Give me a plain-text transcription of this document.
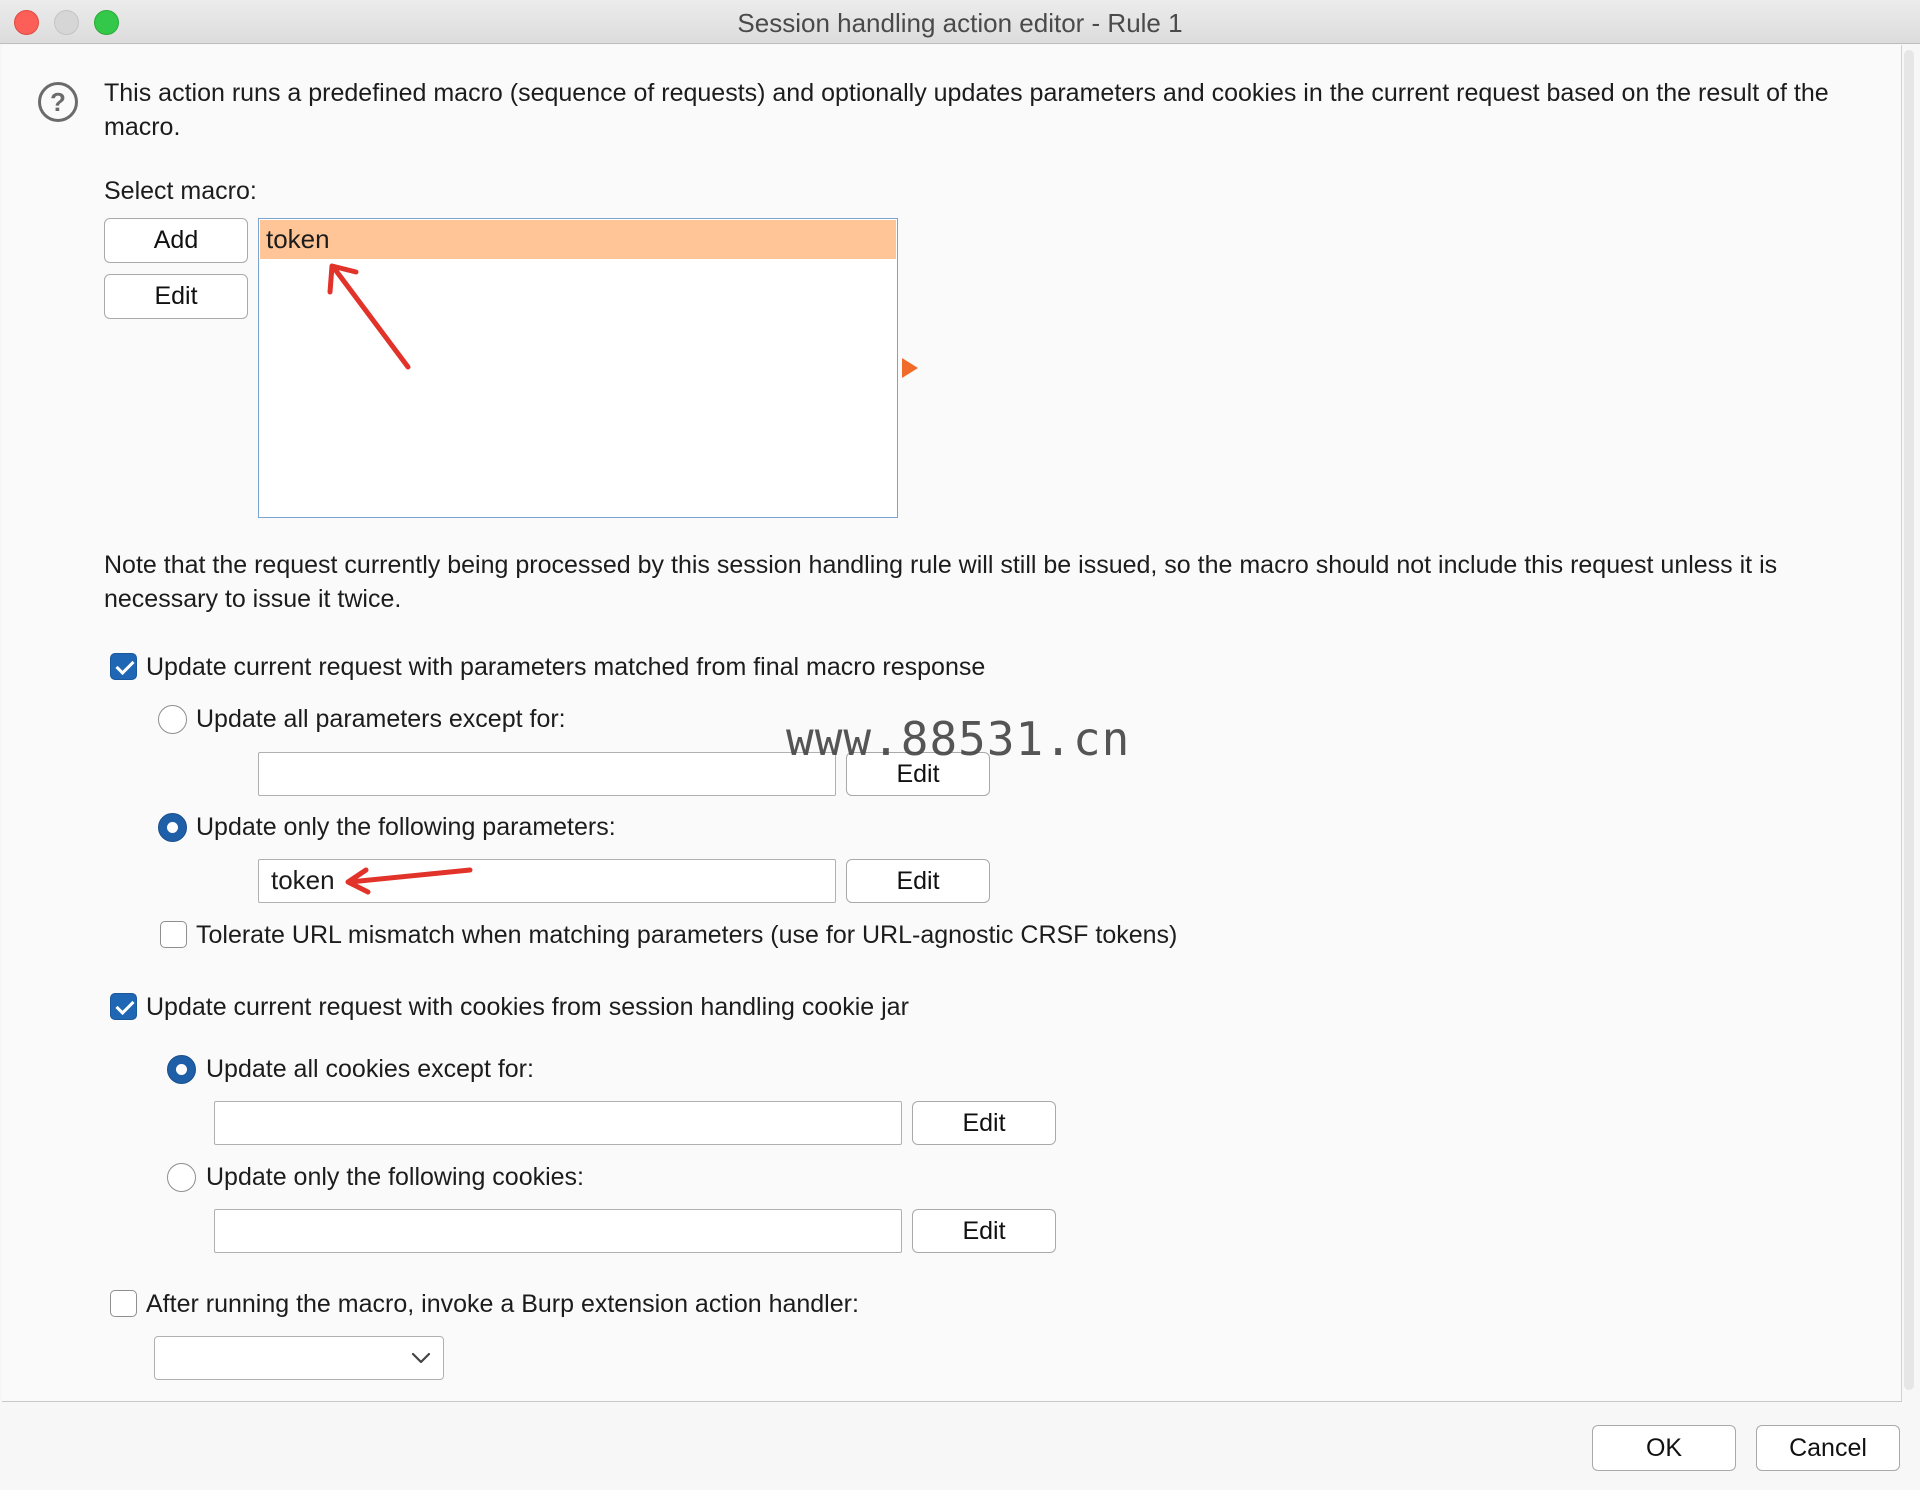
Session handling action editor - Rule 1
?	This action runs a predefined macro (sequence of requests) and optionally updates parameters and cookies in the current request based on the result of the macro.
Select macro:
Add
Edit
token
Note that the request currently being processed by this session handling rule will still be issued, so the macro should not include this request unless it is necessary to issue it twice.
Update current request with parameters matched from final macro response
Update all parameters except for:
Edit
Update only the following parameters:
token	Edit
Tolerate URL mismatch when matching parameters (use for URL-agnostic CRSF tokens)
www.88531.cn
Update current request with cookies from session handling cookie jar
Update all cookies except for:
Edit
Update only the following cookies:
Edit
After running the macro, invoke a Burp extension action handler:
OK	Cancel
